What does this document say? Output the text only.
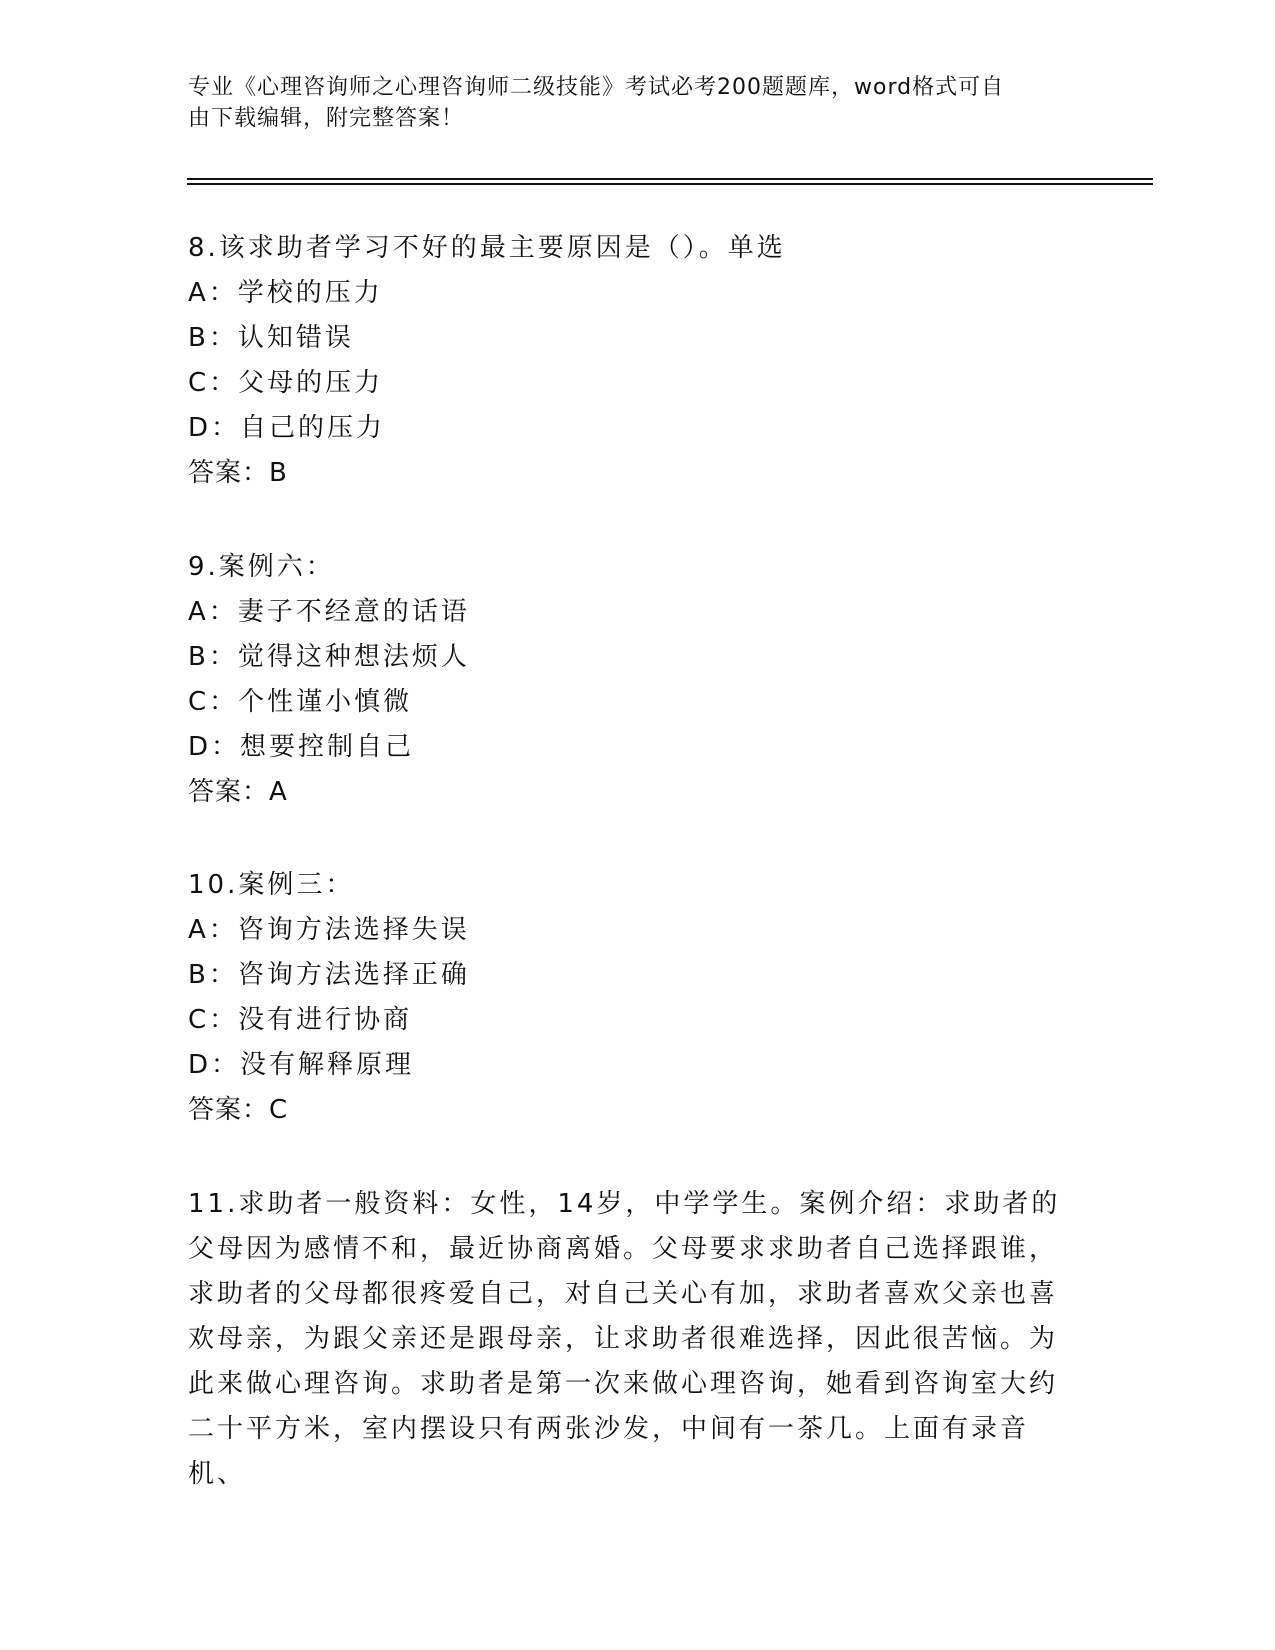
专业《心理咨询师之心理咨询师二级技能》考试必考200题题库，word格式可自
由下载编辑，附完整答案！
8.该求助者学习不好的最主要原因是（）。单选
A：学校的压力
B：认知错误
C：父母的压力
D：自己的压力
答案：B
9.案例六：
A：妻子不经意的话语
B：觉得这种想法烦人
C：个性谨小慎微
D：想要控制自己
答案：A
10.案例三：
A：咨询方法选择失误
B：咨询方法选择正确
C：没有进行协商
D：没有解释原理
答案：C
11.求助者一般资料：女性，14岁，中学学生。案例介绍：求助者的父母因为感情不和，最近协商离婚。父母要求求助者自己选择跟谁，求助者的父母都很疼爱自己，对自己关心有加，求助者喜欢父亲也喜欢母亲，为跟父亲还是跟母亲，让求助者很难选择，因此很苦恼。为此来做心理咨询。求助者是第一次来做心理咨询，她看到咨询室大约二十平方米，室内摆设只有两张沙发，中间有一茶几。上面有录音机、
